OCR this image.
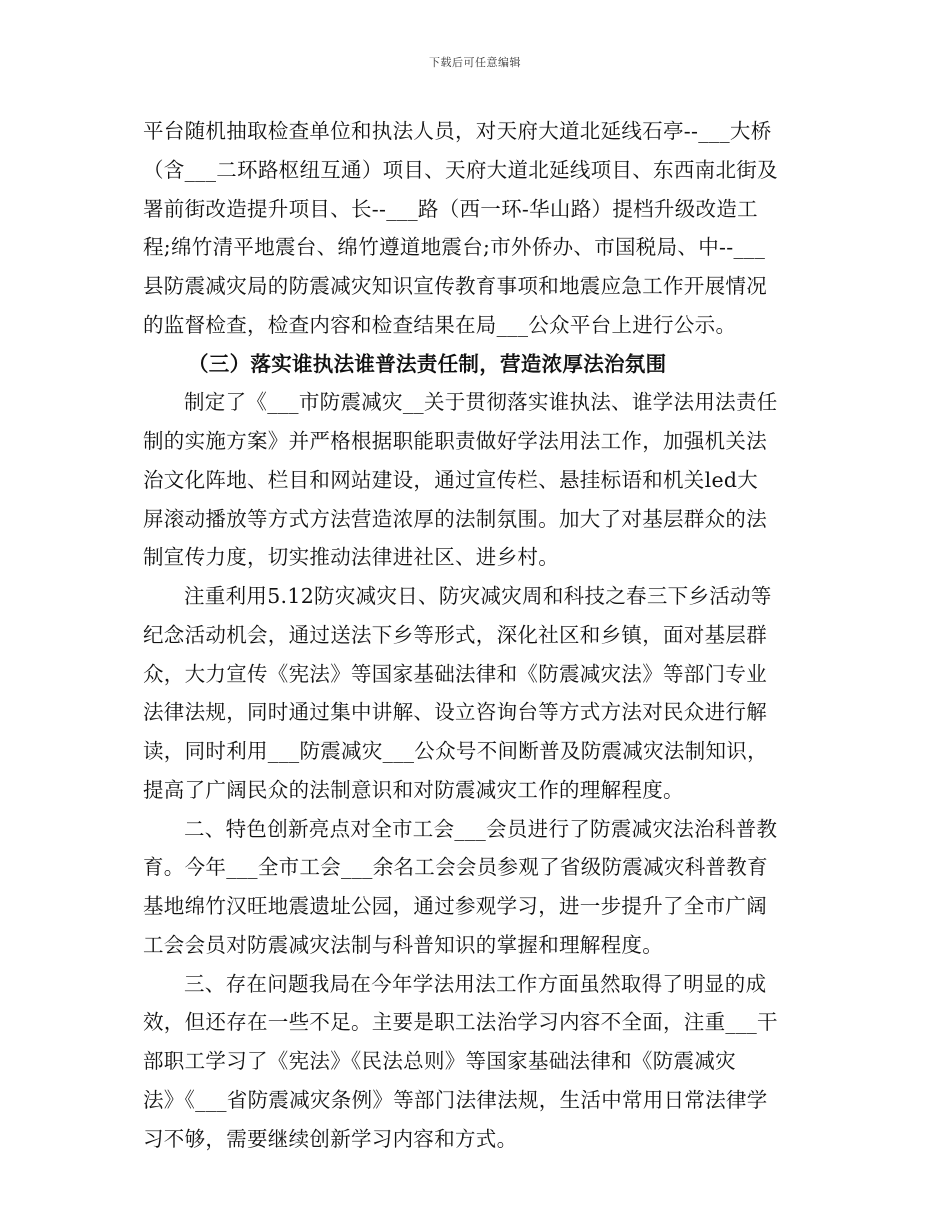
下载后可任意编辑
平台随机抽取检查单位和执法人员，对天府大道北延线石亭--___大桥
（含___二环路枢纽互通）项目、天府大道北延线项目、东西南北街及
署前街改造提升项目、长--___路（西一环-华山路）提档升级改造工
程;绵竹清平地震台、绵竹遵道地震台;市外侨办、市国税局、中--___
县防震减灾局的防震减灾知识宣传教育事项和地震应急工作开展情况
的监督检查，检查内容和检查结果在局___公众平台上进行公示。
（三）落实谁执法谁普法责任制，营造浓厚法治氛围
制定了《___市防震减灾__关于贯彻落实谁执法、谁学法用法责任
制的实施方案》并严格根据职能职责做好学法用法工作，加强机关法
治文化阵地、栏目和网站建设，通过宣传栏、悬挂标语和机关led大
屏滚动播放等方式方法营造浓厚的法制氛围。加大了对基层群众的法
制宣传力度，切实推动法律进社区、进乡村。
注重利用5.12防灾减灾日、防灾减灾周和科技之春三下乡活动等
纪念活动机会，通过送法下乡等形式，深化社区和乡镇，面对基层群
众，大力宣传《宪法》等国家基础法律和《防震减灾法》等部门专业
法律法规，同时通过集中讲解、设立咨询台等方式方法对民众进行解
读，同时利用___防震减灾___公众号不间断普及防震减灾法制知识，
提高了广阔民众的法制意识和对防震减灾工作的理解程度。
二、特色创新亮点对全市工会___会员进行了防震减灾法治科普教
育。今年___全市工会___余名工会会员参观了省级防震减灾科普教育
基地绵竹汉旺地震遗址公园，通过参观学习，进一步提升了全市广阔
工会会员对防震减灾法制与科普知识的掌握和理解程度。
三、存在问题我局在今年学法用法工作方面虽然取得了明显的成
效，但还存在一些不足。主要是职工法治学习内容不全面，注重___干
部职工学习了《宪法》《民法总则》等国家基础法律和《防震减灾
法》《___省防震减灾条例》等部门法律法规，生活中常用日常法律学
习不够，需要继续创新学习内容和方式。
